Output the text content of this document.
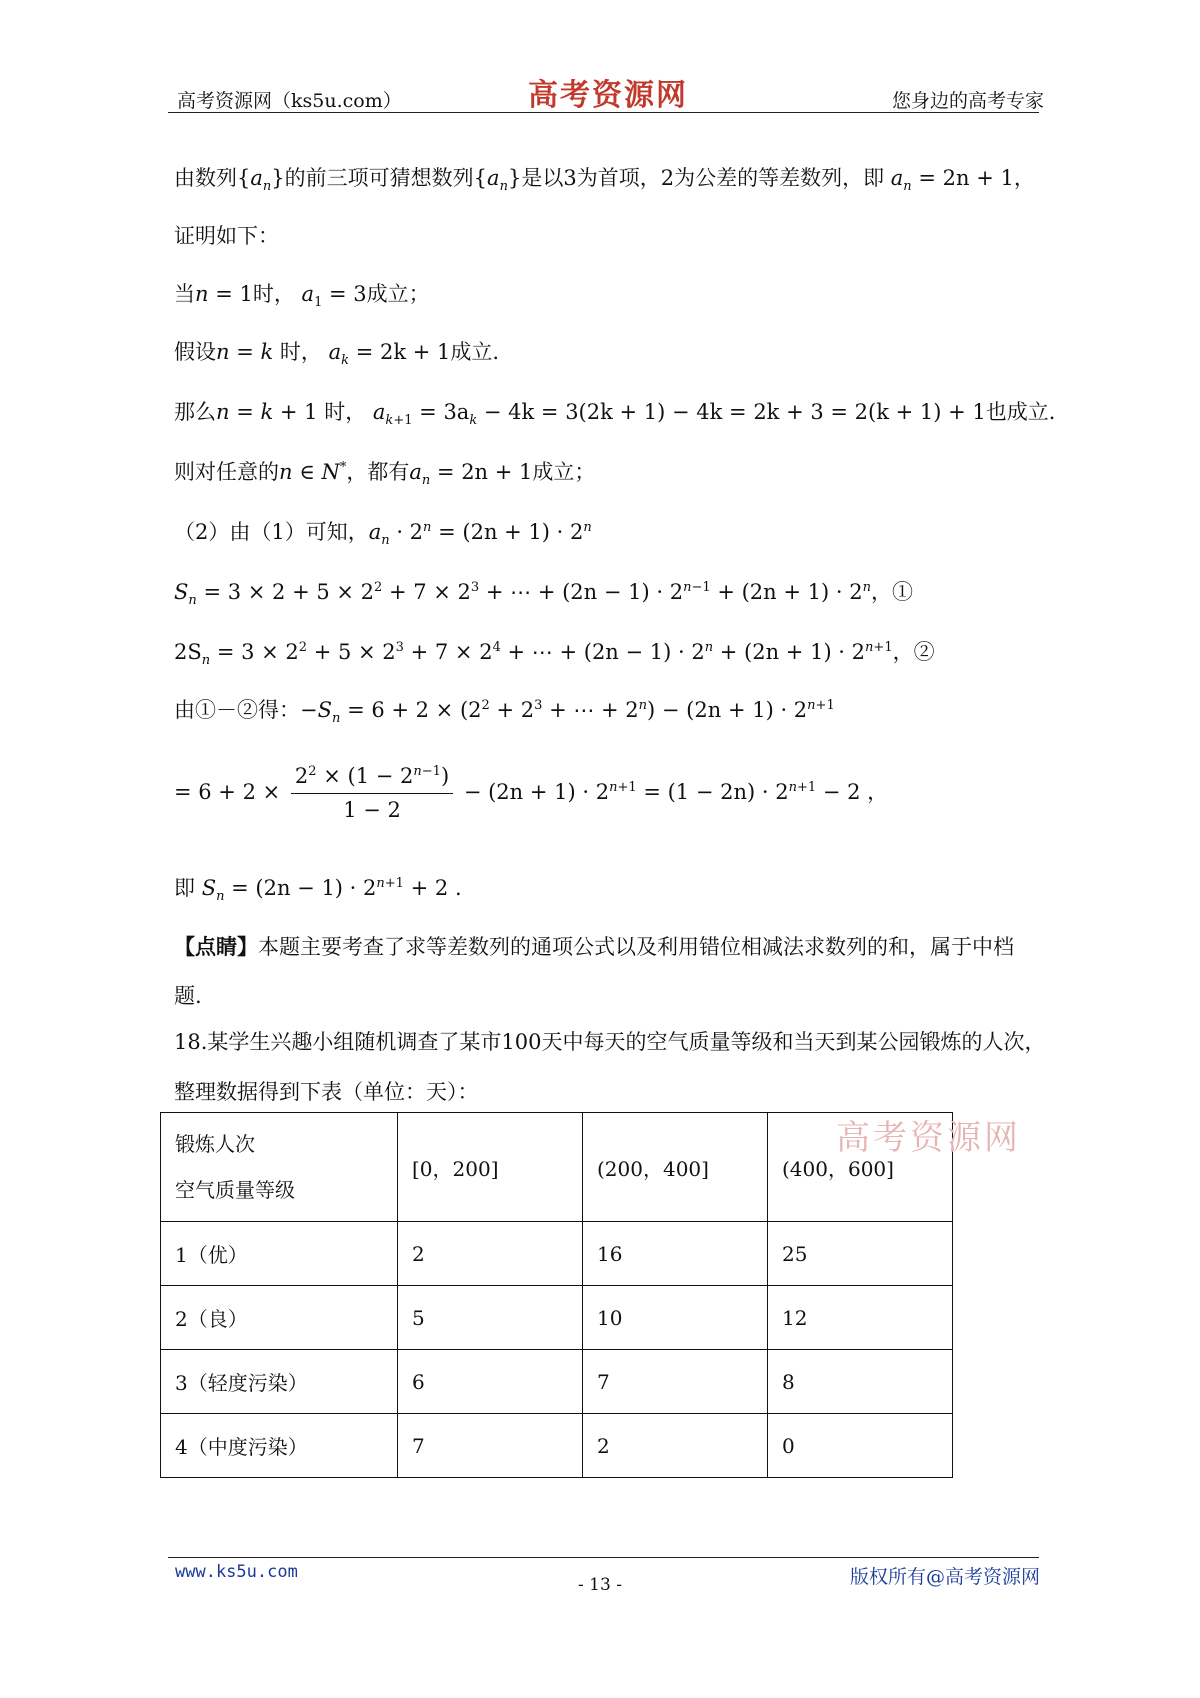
高考资源网（ks5u.com）	高考资源网	您身边的高考专家
由数列$\{a_n\}$的前三项可猜想数列$\{a_n\}$是以3为首项，2为公差的等差数列，即 $a_n = 2n + 1$，
证明如下：
当n = 1时， $a_1 = 3$成立；
假设n = k 时， $a_k = 2k + 1$成立.
那么n = k + 1 时， $a_{k+1} = 3a_k - 4k = 3(2k + 1) - 4k = 2k + 3 = 2(k + 1) + 1$也成立.
则对任意的n ∈ N*，都有$a_n = 2n + 1$成立；
（2）由（1）可知，$a_n \cdot 2^n = (2n + 1) \cdot 2^n$
$S_n = 3 \times 2 + 5 \times 2^2 + 7 \times 2^3$ + ⋯ + $(2n - 1) \cdot 2^{n-1} + (2n + 1) \cdot 2^n$，①
$2S_n = 3 \times 2^2 + 5 \times 2^3 + 7 \times 2^4$ + ⋯ + $(2n - 1) \cdot 2^n + (2n + 1) \cdot 2^{n+1}$，②
由①－②得：$-S_n = 6 + 2 \times (2^2 + 2^3$ + ⋯ + $2^n) - (2n + 1) \cdot 2^{n+1}$
= $6 + 2 \times \frac{2^2 \times (1 - 2^{n-1})}{1 - 2} - (2n + 1) \cdot 2^{n+1} = (1 - 2n) \cdot 2^{n+1} - 2$ ，
即 $S_n = (2n - 1) \cdot 2^{n+1} + 2$ .
【点睛】本题主要考查了求等差数列的通项公式以及利用错位相减法求数列的和，属于中档
题.
18.某学生兴趣小组随机调查了某市100天中每天的空气质量等级和当天到某公园锻炼的人次，
整理数据得到下表（单位：天）：
锻炼人次
空气质量等级	[0，200]	(200，400]	(400，600]
1（优）	2	16	25
2（良）	5	10	12
3（轻度污染）	6	7	8
4（中度污染）	7	2	0
高考资源网
www.ks5u.com
- 13 -	版权所有@高考资源网
